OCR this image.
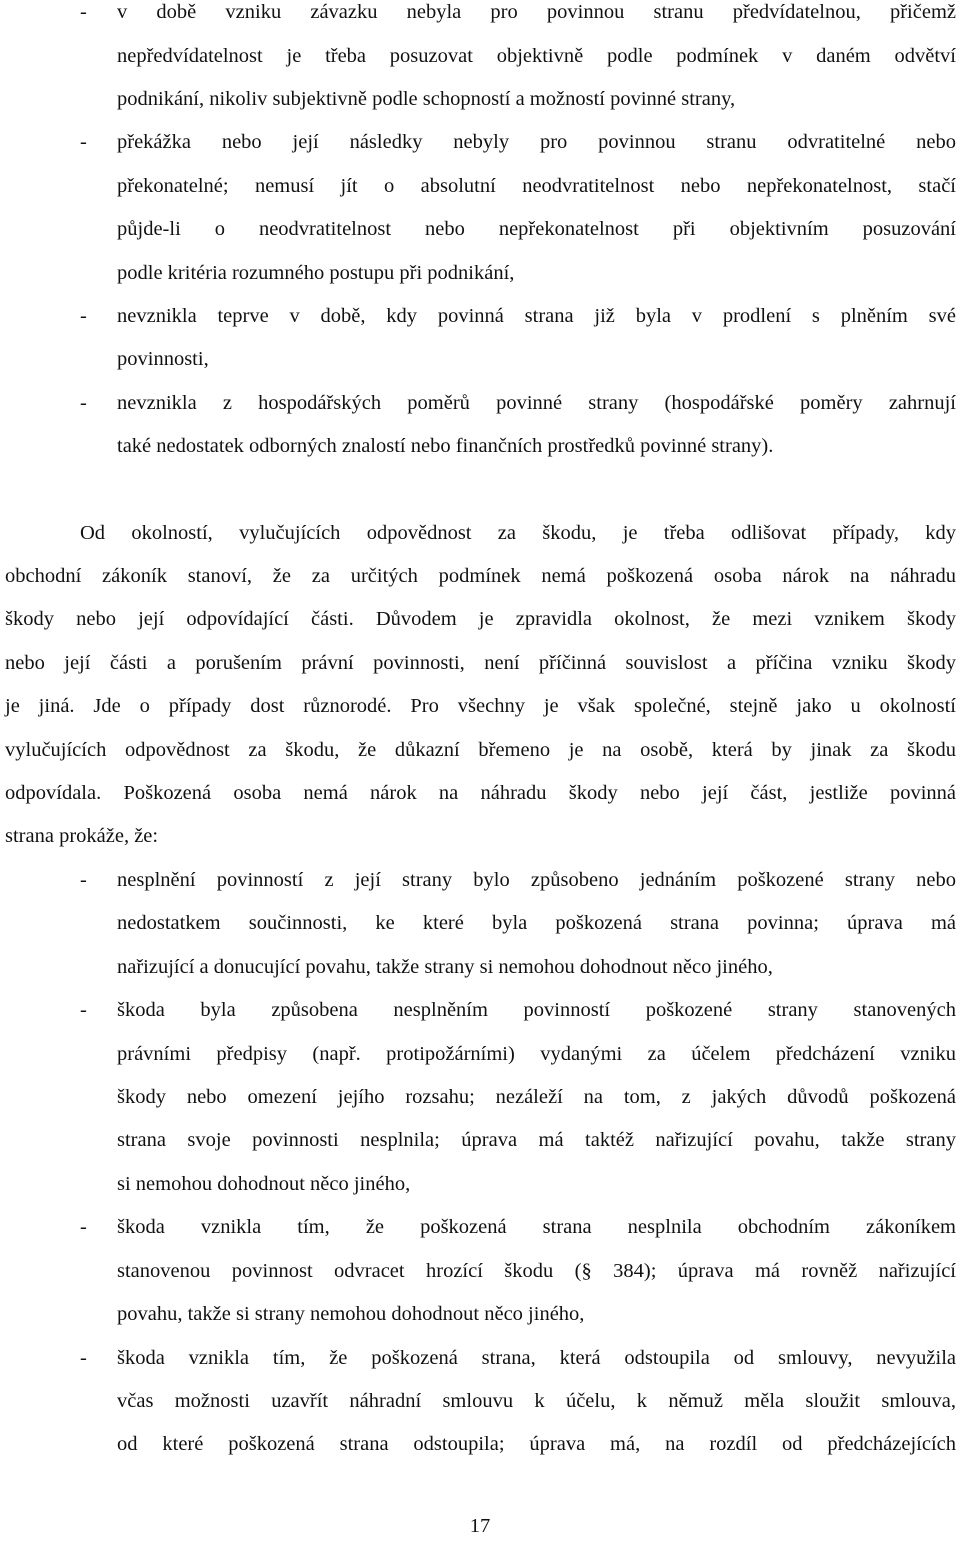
- v době vzniku závazku nebyla pro povinnou stranu předvídatelnou, přičemž
nepředvídatelnost je třeba posuzovat objektivně podle podmínek v daném odvětví
podnikání, nikoliv subjektivně podle schopností a možností povinné strany,
- překážka nebo její následky nebyly pro povinnou stranu odvratitelné nebo
překonatelné; nemusí jít o absolutní neodvratitelnost nebo nepřekonatelnost, stačí
půjde-li o neodvratitelnost nebo nepřekonatelnost při objektivním posuzování
podle kritéria rozumného postupu při podnikání,
- nevznikla teprve v době, kdy povinná strana již byla v prodlení s plněním své
povinnosti,
- nevznikla z hospodářských poměrů povinné strany (hospodářské poměry zahrnují
také nedostatek odborných znalostí nebo finančních prostředků povinné strany).
Od okolností, vylučujících odpovědnost za škodu, je třeba odlišovat případy, kdy
obchodní zákoník stanoví, že za určitých podmínek nemá poškozená osoba nárok na náhradu
škody nebo její odpovídající části. Důvodem je zpravidla okolnost, že mezi vznikem škody
nebo její části a porušením právní povinnosti, není příčinná souvislost a příčina vzniku škody
je jiná. Jde o případy dost různorodé. Pro všechny je však společné, stejně jako u okolností
vylučujících odpovědnost za škodu, že důkazní břemeno je na osobě, která by jinak za škodu
odpovídala. Poškozená osoba nemá nárok na náhradu škody nebo její část, jestliže povinná
strana prokáže, že:
- nesplnění povinností z její strany bylo způsobeno jednáním poškozené strany nebo
nedostatkem součinnosti, ke které byla poškozená strana povinna; úprava má
nařizující a donucující povahu, takže strany si nemohou dohodnout něco jiného,
- škoda byla způsobena nesplněním povinností poškozené strany stanovených
právními předpisy (např. protipožárními) vydanými za účelem předcházení vzniku
škody nebo omezení jejího rozsahu; nezáleží na tom, z jakých důvodů poškozená
strana svoje povinnosti nesplnila; úprava má taktéž nařizující povahu, takže strany
si nemohou dohodnout něco jiného,
- škoda vznikla tím, že poškozená strana nesplnila obchodním zákoníkem
stanovenou povinnost odvracet hrozící škodu (§ 384); úprava má rovněž nařizující
povahu, takže si strany nemohou dohodnout něco jiného,
- škoda vznikla tím, že poškozená strana, která odstoupila od smlouvy, nevyužila
včas možnosti uzavřít náhradní smlouvu k účelu, k němuž měla sloužit smlouva,
od které poškozená strana odstoupila; úprava má, na rozdíl od předcházejících
17
